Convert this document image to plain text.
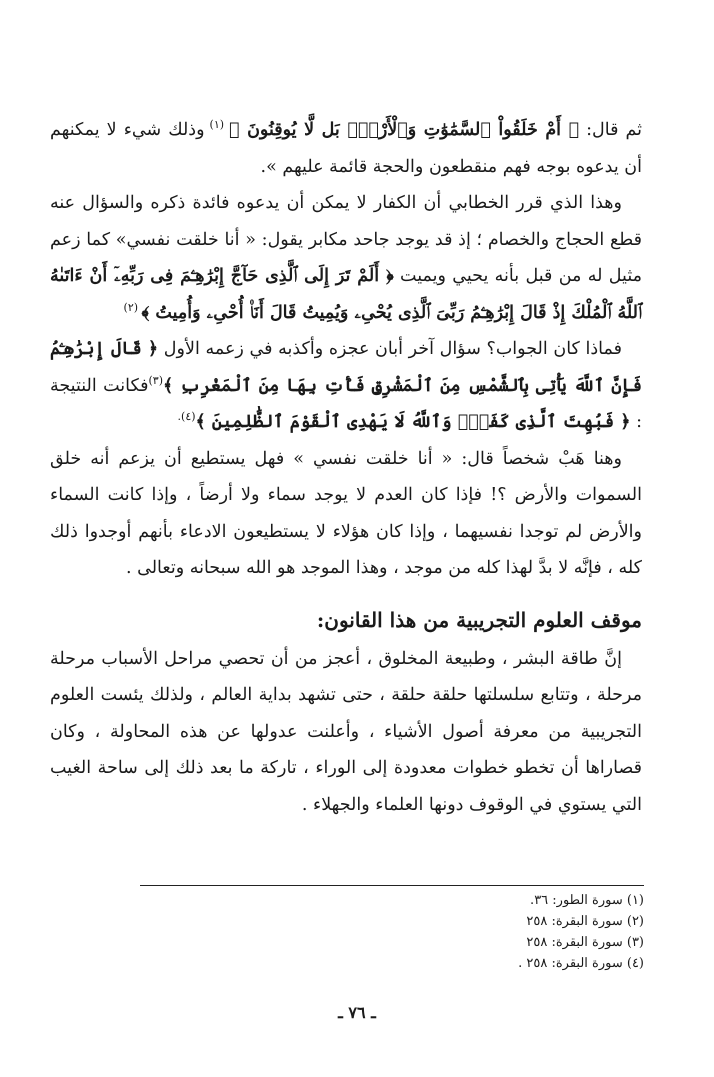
ثم قال: ﴿ أَمْ خَلَقُواْ ٱلسَّمَٰوَٰتِ وَٱلْأَرْضَۚ بَل لَّا يُوقِنُونَ ﴾ $^{(١)}$ وذلك شيء لا يمكنهم أن يدعوه بوجه فهم منقطعون والحجة قائمة عليهم ».

وهذا الذي قرر الخطابي أن الكفار لا يمكن أن يدعوه فائدة ذكره والسؤال عنه قطع الحجاج والخصام ؛ إذ قد يوجد جاحد مكابر يقول: « أنا خلقت نفسي» كما زعم مثيل له من قبل بأنه يحيي ويميت ﴿ أَلَمْ تَرَ إِلَى ٱلَّذِى حَآجَّ إِبْرَٰهِـۧمَ فِى رَبِّهِۦٓ أَنْ ءَاتَىٰهُ ٱللَّهُ ٱلْمُلْكَ إِذْ قَالَ إِبْرَٰهِـۧمُ رَبِّىَ ٱلَّذِى يُحْىِۦ وَيُمِيتُ قَالَ أَنَا۠ أُحْىِۦ وَأُمِيتُ ﴾ $^{(٢)}$

فماذا كان الجواب؟ سؤال آخر أبان عجزه وأكذبه في زعمه الأول ﴿ قَالَ إِبْرَٰهِـۧمُ فَإِنَّ ٱللَّهَ يَأْتِى بِٱلشَّمْسِ مِنَ ٱلْمَشْرِقِ فَأْتِ بِهَا مِنَ ٱلْمَغْرِبِ ﴾$^{(٣)}$فكانت النتيجة : ﴿ فَبُهِتَ ٱلَّذِى كَفَرَۗ وَٱللَّهُ لَا يَهْدِى ٱلْقَوْمَ ٱلظَّٰلِمِينَ ﴾$^{(٤).}$

وهنا هَبْ شخصاً قال: « أنا خلقت نفسي » فهل يستطيع أن يزعم أنه خلق السموات والأرض ؟! فإذا كان العدم لا يوجد سماء ولا أرضاً ، وإذا كانت السماء والأرض لم توجدا نفسيهما ، وإذا كان هؤلاء لا يستطيعون الادعاء بأنهم أوجدوا ذلك كله ، فإنَّه لا بدَّ لهذا كله من موجد ، وهذا الموجد هو الله سبحانه وتعالى .

موقف العلوم التجريبية من هذا القانون:

إنَّ طاقة البشر ، وطبيعة المخلوق ، أعجز من أن تحصي مراحل الأسباب مرحلة مرحلة ، وتتابع سلسلتها حلقة حلقة ، حتى تشهد بداية العالم ، ولذلك يئست العلوم التجريبية من معرفة أصول الأشياء ، وأعلنت عدولها عن هذه المحاولة ، وكان قصاراها أن تخطو خطوات معدودة إلى الوراء ، تاركة ما بعد ذلك إلى ساحة الغيب التي يستوي في الوقوف دونها العلماء والجهلاء .

(١) سورة الطور: ٣٦.

(٢) سورة البقرة: ٢٥٨

(٣) سورة البقرة: ٢٥٨

(٤) سورة البقرة: ٢٥٨ .

ـ ٧٦ ـ
